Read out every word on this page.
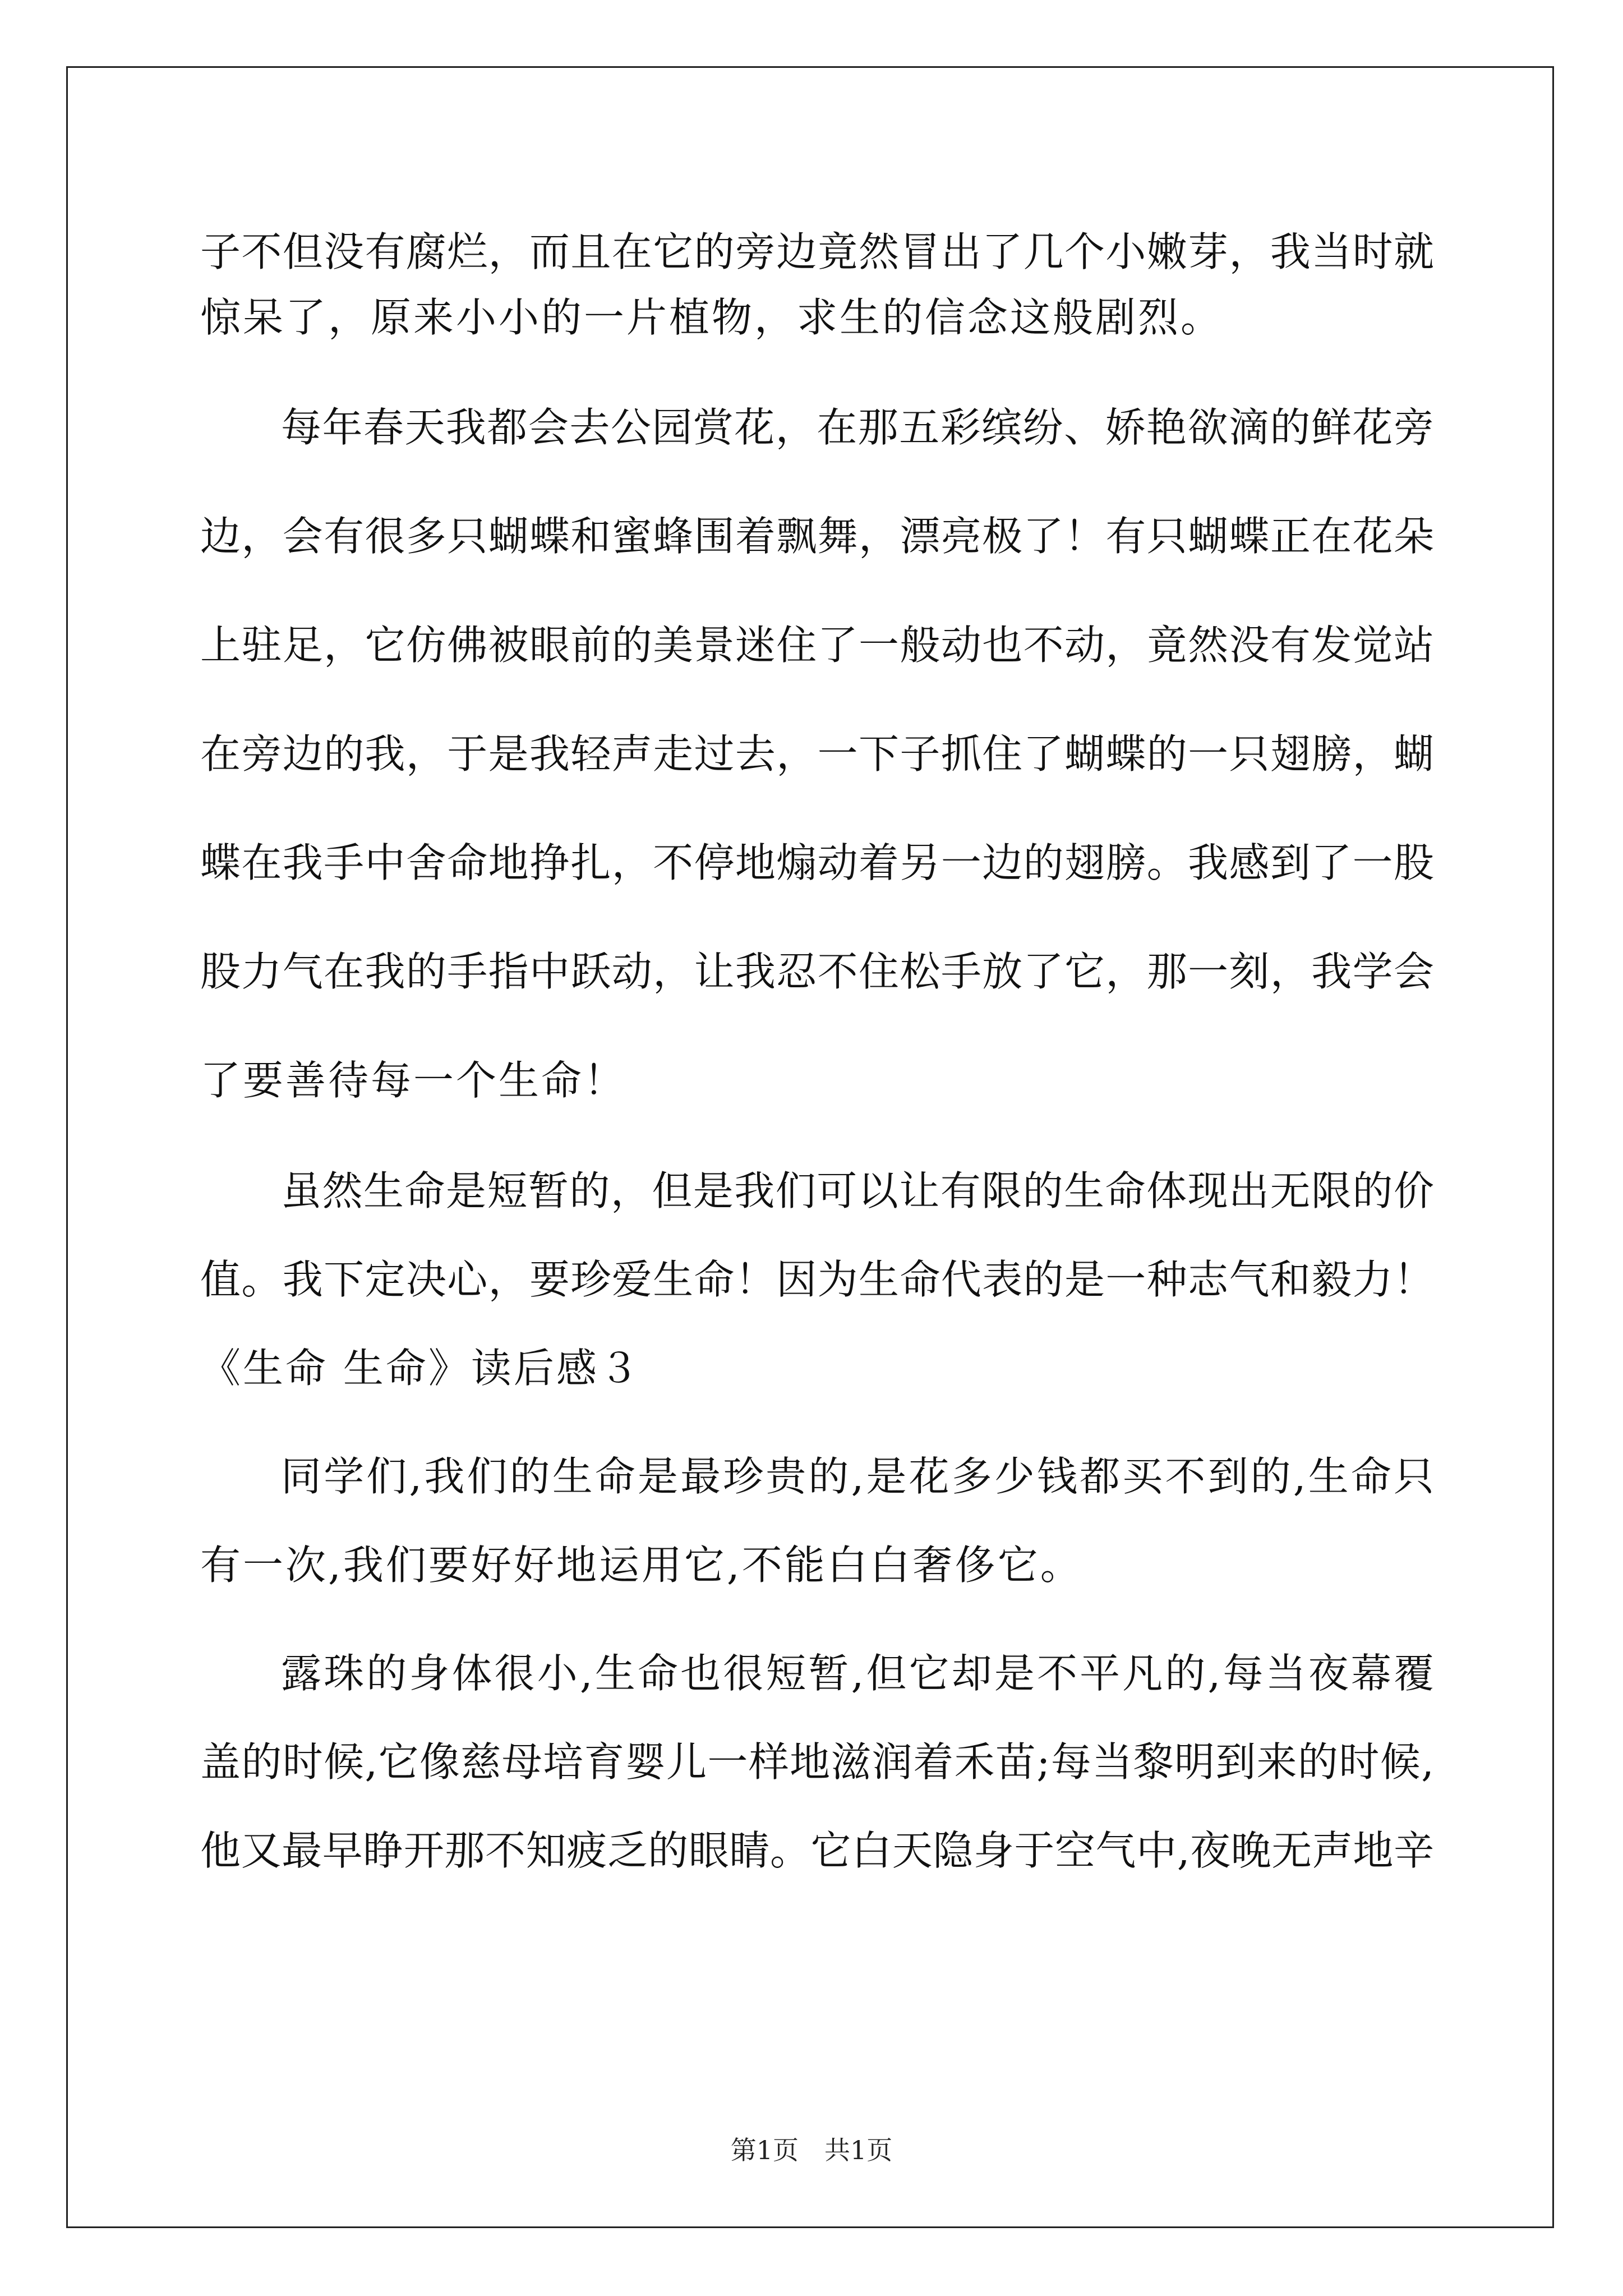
子不但没有腐烂，而且在它的旁边竟然冒出了几个小嫩芽，我当时就
惊呆了，原来小小的一片植物，求生的信念这般剧烈。
每年春天我都会去公园赏花，在那五彩缤纷、娇艳欲滴的鲜花旁
边，会有很多只蝴蝶和蜜蜂围着飘舞，漂亮极了！有只蝴蝶正在花朵
上驻足，它仿佛被眼前的美景迷住了一般动也不动，竟然没有发觉站
在旁边的我，于是我轻声走过去，一下子抓住了蝴蝶的一只翅膀，蝴
蝶在我手中舍命地挣扎，不停地煽动着另一边的翅膀。我感到了一股
股力气在我的手指中跃动，让我忍不住松手放了它，那一刻，我学会
了要善待每一个生命！
虽然生命是短暂的，但是我们可以让有限的生命体现出无限的价
值。我下定决心，要珍爱生命！因为生命代表的是一种志气和毅力！
《生命 生命》读后感３
同学们,我们的生命是最珍贵的,是花多少钱都买不到的,生命只
有一次,我们要好好地运用它,不能白白奢侈它。
露珠的身体很小,生命也很短暂,但它却是不平凡的,每当夜幕覆
盖的时候,它像慈母培育婴儿一样地滋润着禾苗;每当黎明到来的时候,
他又最早睁开那不知疲乏的眼睛。它白天隐身于空气中,夜晚无声地辛
第1页　共1页
